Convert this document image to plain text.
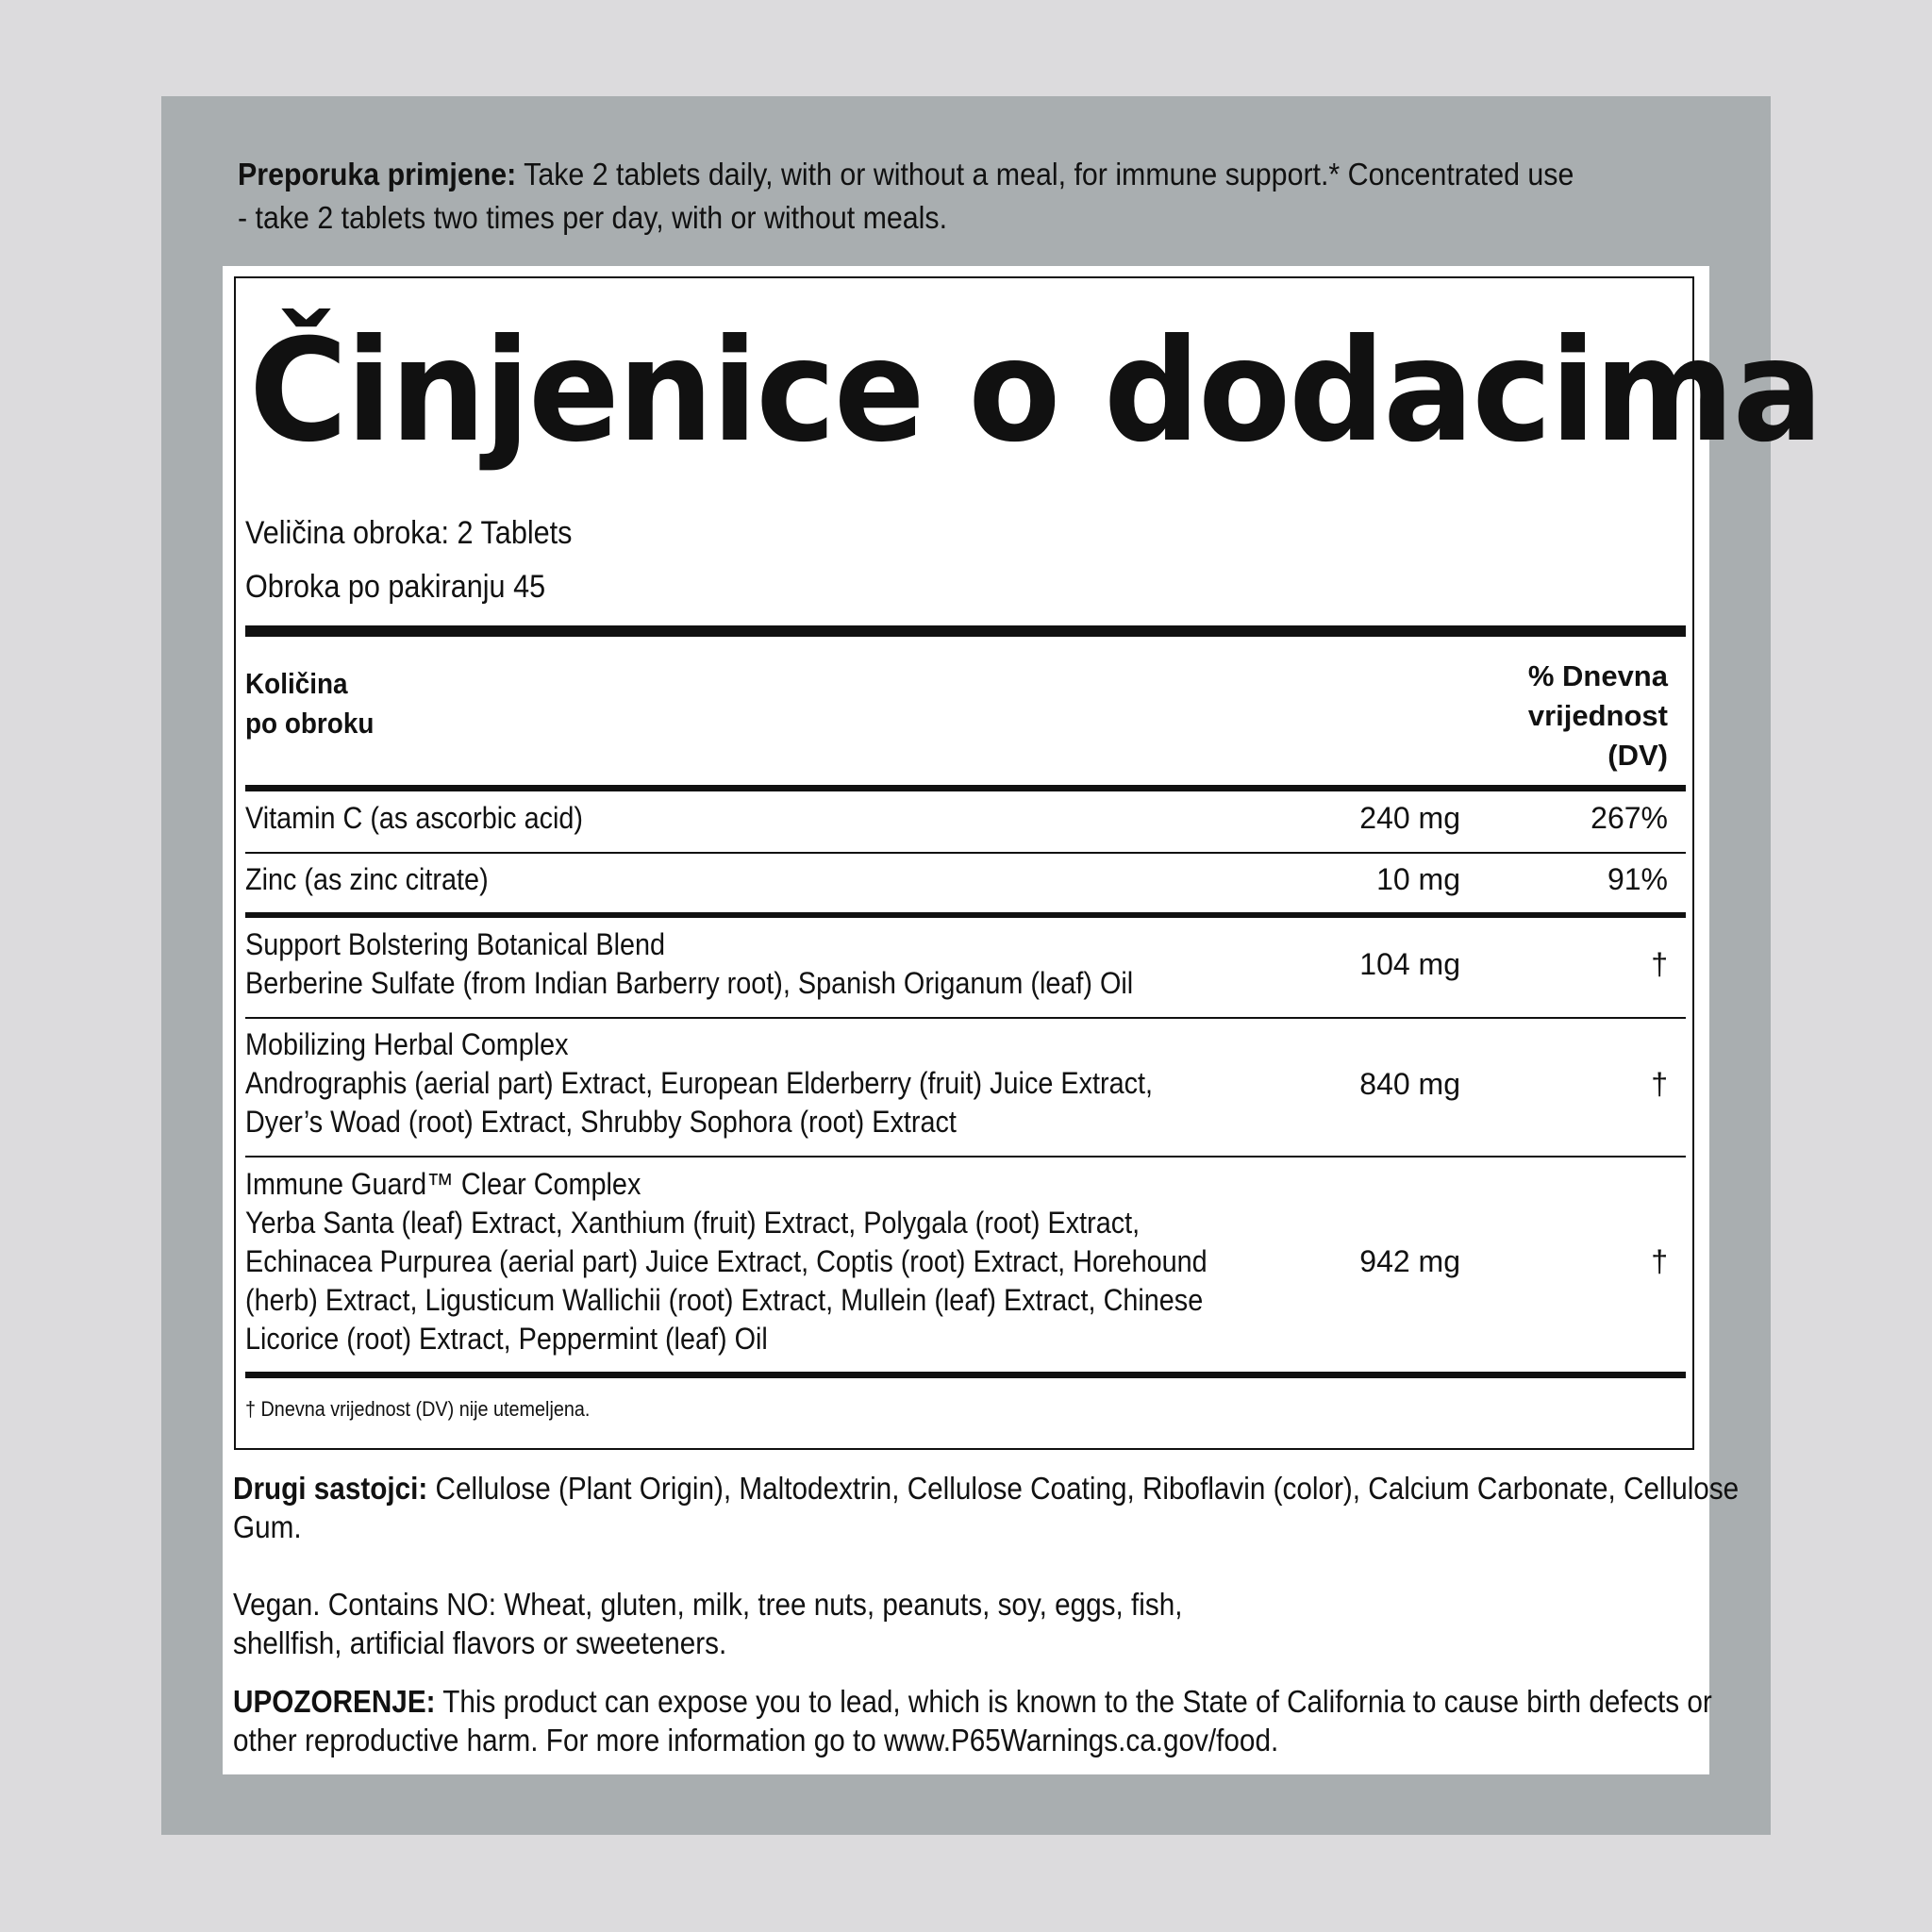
Preporuka primjene: Take 2 tablets daily, with or without a meal, for immune support.* Concentrated use
- take 2 tablets two times per day, with or without meals.
Činjenice o dodacima
Veličina obroka: 2 Tablets
Obroka po pakiranju 45
Količina
po obroku
% Dnevna
vrijednost
(DV)
Vitamin C (as ascorbic acid)	240 mg	267%
Zinc (as zinc citrate)	10 mg	91%
Support Bolstering Botanical Blend
Berberine Sulfate (from Indian Barberry root), Spanish Origanum (leaf) Oil
104 mg	†
Mobilizing Herbal Complex
Andrographis (aerial part) Extract, European Elderberry (fruit) Juice Extract,
Dyer’s Woad (root) Extract, Shrubby Sophora (root) Extract
840 mg	†
Immune Guard™ Clear Complex
Yerba Santa (leaf) Extract, Xanthium (fruit) Extract, Polygala (root) Extract,
Echinacea Purpurea (aerial part) Juice Extract, Coptis (root) Extract, Horehound
(herb) Extract, Ligusticum Wallichii (root) Extract, Mullein (leaf) Extract, Chinese
Licorice (root) Extract, Peppermint (leaf) Oil
942 mg	†
† Dnevna vrijednost (DV) nije utemeljena.
Drugi sastojci: Cellulose (Plant Origin), Maltodextrin, Cellulose Coating, Riboflavin (color), Calcium Carbonate, Cellulose
Gum.
Vegan. Contains NO: Wheat, gluten, milk, tree nuts, peanuts, soy, eggs, fish,
shellfish, artificial flavors or sweeteners.
UPOZORENJE: This product can expose you to lead, which is known to the State of California to cause birth defects or
other reproductive harm. For more information go to www.P65Warnings.ca.gov/food.
